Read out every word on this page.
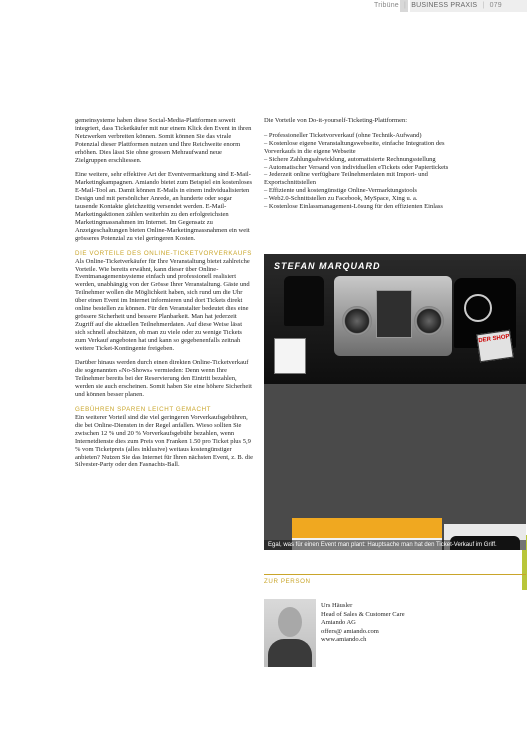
Tribüne | BUSINESS PRAXIS | 079

gemeinsysteme haben diese Social-Media-Plattformen soweit integriert, dass Ticketkäufer mit nur einem Klick den Event in ihren Netzwerken verbreiten können. Somit können Sie das virale Potenzial dieser Plattformen nutzen und Ihre Reichweite enorm erhöhen. Dies lässt Sie ohne grossen Mehraufwand neue Zielgruppen erschliessen.

Eine weitere, sehr effektive Art der Eventvermarktung sind E-Mail-Marketingkampagnen. Amiando bietet zum Beispiel ein kostenloses E-Mail-Tool an. Damit können E-Mails in einem individualisierten Design und mit persönlicher Anrede, an hunderte oder sogar tausende Kontakte gleichzeitig versendet werden. E-Mail-Marketingaktionen zählen weiterhin zu den erfolgreichsten Marketingmassnahmen im Internet. Im Gegensatz zu Anzeigeschaltungen bieten Online-Marketingmassnahmen ein weit grösseres Potenzial zu viel geringeren Kosten.

DIE VORTEILE DES ONLINE-TICKETVORVERKAUFS

Als Online-Ticketverkäufer für Ihre Veranstaltung bietet zahlreiche Vorteile. Wie bereits erwähnt, kann dieser über Online-Eventmanagementsysteme einfach und professionell realisiert werden, unabhängig von der Grösse Ihrer Veranstaltung. Gäste und Teilnehmer wollen die Möglichkeit haben, sich rund um die Uhr über einen Event im Internet informieren und dort Tickets direkt online bestellen zu können. Für den Veranstalter bedeutet dies eine grössere Sicherheit und bessere Planbarkeit. Man hat jederzeit Zugriff auf die aktuellen Teilnehmerdaten. Auf diese Weise lässt sich schnell abschätzen, ob man zu viele oder zu wenige Tickets zum Verkauf angeboten hat und kann so gegebenenfalls zeitnah weitere Ticket-Kontingente freigeben.

Darüber hinaus werden durch einen direkten Online-Ticketverkauf die sogenannten «No-Shows» vermieden: Denn wenn Ihre Teilnehmer bereits bei der Reservierung den Eintritt bezahlen, werden sie auch erscheinen. Somit haben Sie eine höhere Sicherheit und können besser planen.

GEBÜHREN SPAREN LEICHT GEMACHT

Ein weiterer Vorteil sind die viel geringeren Vorverkaufsgebühren, die bei Online-Diensten in der Regel anfallen. Wieso sollten Sie zwischen 12 % und 20 % Vorverkaufsgebühr bezahlen, wenn Internetdienste dies zum Preis von Franken 1.50 pro Ticket plus 5,9 % vom Ticketpreis (alles inklusive) weitaus kostengünstiger anbieten? Nutzen Sie das Internet für Ihren nächsten Event, z. B. die Silvester-Party oder den Fasnachts-Ball.

Die Vorteile von Do-it-yourself-Ticketing-Plattformen:

– Professioneller Ticketvorverkauf (ohne Technik-Aufwand)
– Kostenlose eigene Veranstaltungswebseite, einfache Integration des Vorverkaufs in die eigene Webseite
– Sichere Zahlungsabwicklung, automatisierte Rechnungsstellung
– Automatischer Versand von individuellen eTickets oder Papiertickets
– Jederzeit online verfügbare Teilnehmerdaten mit Import- und Exportschnittstellen
– Effiziente und kostengünstige Online-Vermarktungstools
– Web2.0-Schnittstellen zu Facebook, MySpace, Xing u. a.
– Kostenlose Einlassmanagement-Lösung für den effizienten Einlass
STEFAN MARQUARD
DER SHOP
Egal, was für einen Event man plant: Hauptsache man hat den Ticket-Verkauf im Griff.
ZUR PERSON
Urs Häusler
Head of Sales & Customer Care
Amiando AG
offers@ amiando.com
www.amiando.ch
